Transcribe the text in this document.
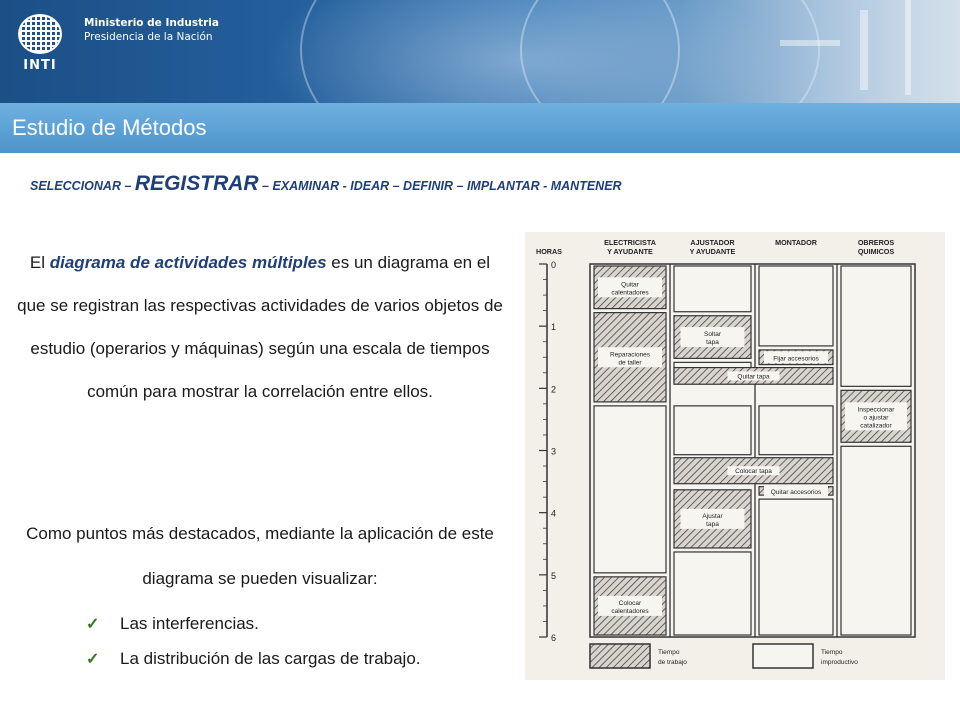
INTI
Ministerio de Industria
Presidencia de la Nación
Estudio de Métodos
SELECCIONAR – REGISTRAR – EXAMINAR - IDEAR – DEFINIR – IMPLANTAR - MANTENER
El diagrama de actividades múltiples es un diagrama en el que se registran las respectivas actividades de varios objetos de estudio (operarios y máquinas) según una escala de tiempos común para mostrar la correlación entre ellos.
Como puntos más destacados, mediante la aplicación de este diagrama se pueden visualizar:
✓	Las interferencias.
✓	La distribución de las cargas de trabajo.
ELECTRICISTA
Y AYUDANTE
AJUSTADOR
Y AYUDANTE
MONTADOR	OBREROS
QUIMICOS
HORAS
Quitar
calentadores
Reparaciones
de taller
Colocar
calentadores
Soltar
tapa
Ajustar
tapa
Fijar accesorios
Quitar accesorios
Inspeccionar
o ajustar
catalizador
Quitar tapa
Colocar tapa
0
1
2
3
4
5
6
Tiempo
de trabajo
Tiempo
improductivo
